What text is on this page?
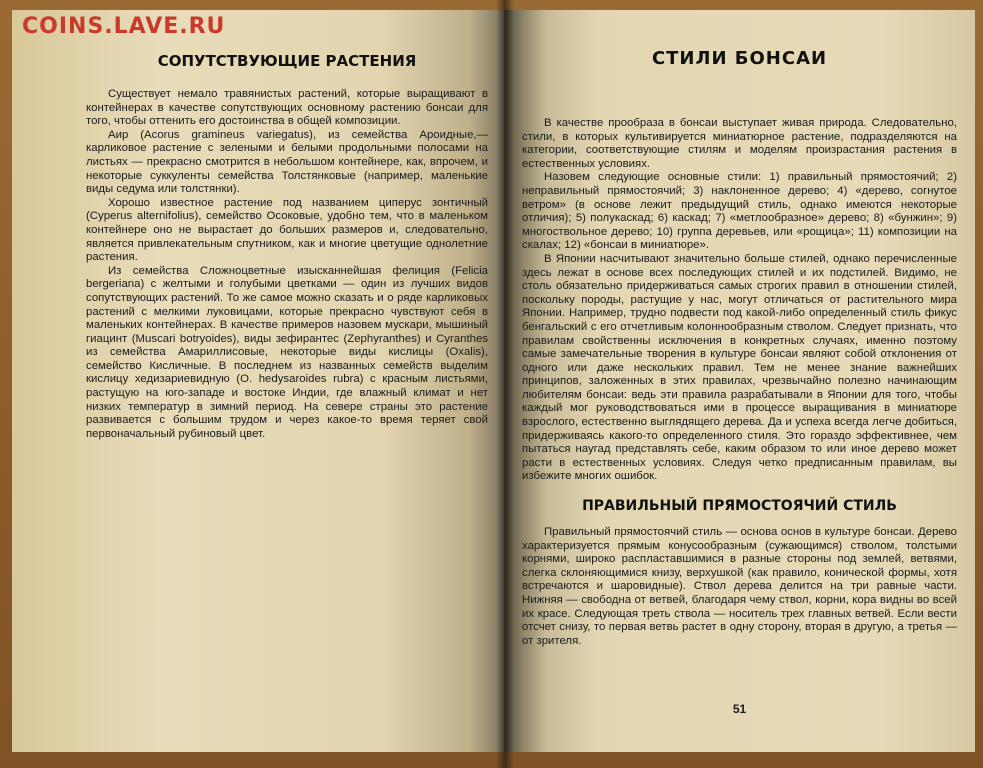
СОПУТСТВУЮЩИЕ РАСТЕНИЯ

Существует немало травянистых растений, которые выращивают в контейнерах в качестве сопутствующих основному растению бонсаи для того, чтобы оттенить его достоинства в общей композиции.

Аир (Acorus gramineus variegatus), из семейства Ароидные,— карликовое растение с зелеными и белыми продольными полосами на листьях — прекрасно смотрится в небольшом контейнере, как, впрочем, и некоторые суккуленты семейства Толстянковые (например, маленькие виды седума или толстянки).

Хорошо известное растение под названием циперус зонтичный (Cyperus alternifolius), семейство Осоковые, удобно тем, что в маленьком контейнере оно не вырастает до больших размеров и, следовательно, является привлекательным спутником, как и многие цветущие однолетние растения.

Из семейства Сложноцветные изысканнейшая фелиция (Felicia bergeriana) с желтыми и голубыми цветками — один из лучших видов сопутствующих растений. То же самое можно сказать и о ряде карликовых растений с мелкими луковицами, которые прекрасно чувствуют себя в маленьких контейнерах. В качестве примеров назовем мускари, мышиный гиацинт (Muscari botryoides), виды зефирантес (Zephyranthes) и Cyranthes из семейства Амариллисовые, некоторые виды кислицы (Oxalis), семейство Кисличные. В последнем из названных семейств выделим кислицу хедизариевидную (O. hedysaroides rubra) с красным листьями, растущую на юго-западе и востоке Индии, где влажный климат и нет низких температур в зимний период. На севере страны это растение развивается с большим трудом и через какое-то время теряет свой первоначальный рубиновый цвет.

СТИЛИ БОНСАИ

В качестве прообраза в бонсаи выступает живая природа. Следовательно, стили, в которых культивируется миниатюрное растение, подразделяются на категории, соответствующие стилям и моделям произрастания растения в естественных условиях.

Назовем следующие основные стили: 1) правильный прямостоячий; 2) неправильный прямостоячий; 3) наклоненное дерево; 4) «дерево, согнутое ветром» (в основе лежит предыдущий стиль, однако имеются некоторые отличия); 5) полукаскад; 6) каскад; 7) «метлообразное» дерево; 8) «бунжин»; 9) многоствольное дерево; 10) группа деревьев, или «рощица»; 11) композиции на скалах; 12) «бонсаи в миниатюре».

В Японии насчитывают значительно больше стилей, однако перечисленные здесь лежат в основе всех последующих стилей и их подстилей. Видимо, не столь обязательно придерживаться самых строгих правил в отношении стилей, поскольку породы, растущие у нас, могут отличаться от растительного мира Японии. Например, трудно подвести под какой-либо определенный стиль фикус бенгальский с его отчетливым колоннообразным стволом. Следует признать, что правилам свойственны исключения в конкретных случаях, именно поэтому самые замечательные творения в культуре бонсаи являют собой отклонения от одного или даже нескольких правил. Тем не менее знание важнейших принципов, заложенных в этих правилах, чрезвычайно полезно начинающим любителям бонсаи: ведь эти правила разрабатывали в Японии для того, чтобы каждый мог руководствоваться ими в процессе выращивания в миниатюре взрослого, естественно выглядящего дерева. Да и успеха всегда легче добиться, придерживаясь какого-то определенного стиля. Это гораздо эффективнее, чем пытаться наугад представлять себе, каким образом то или иное дерево может расти в естественных условиях. Следуя четко предписанным правилам, вы избежите многих ошибок.

ПРАВИЛЬНЫЙ ПРЯМОСТОЯЧИЙ СТИЛЬ

Правильный прямостоячий стиль — основа основ в культуре бонсаи. Дерево характеризуется прямым конусообразным (сужающимся) стволом, толстыми корнями, широко распластавшимися в разные стороны под землей, ветвями, слегка склоняющимися книзу, верхушкой (как правило, конической формы, хотя встречаются и шаровидные). Ствол дерева делится на три равные части. Нижняя — свободна от ветвей, благодаря чему ствол, корни, кора видны во всей их красе. Следующая треть ствола — носитель трех главных ветвей. Если вести отсчет снизу, то первая ветвь растет в одну сторону, вторая в другую, а третья — от зрителя.

51
COINS.LAVE.RU
